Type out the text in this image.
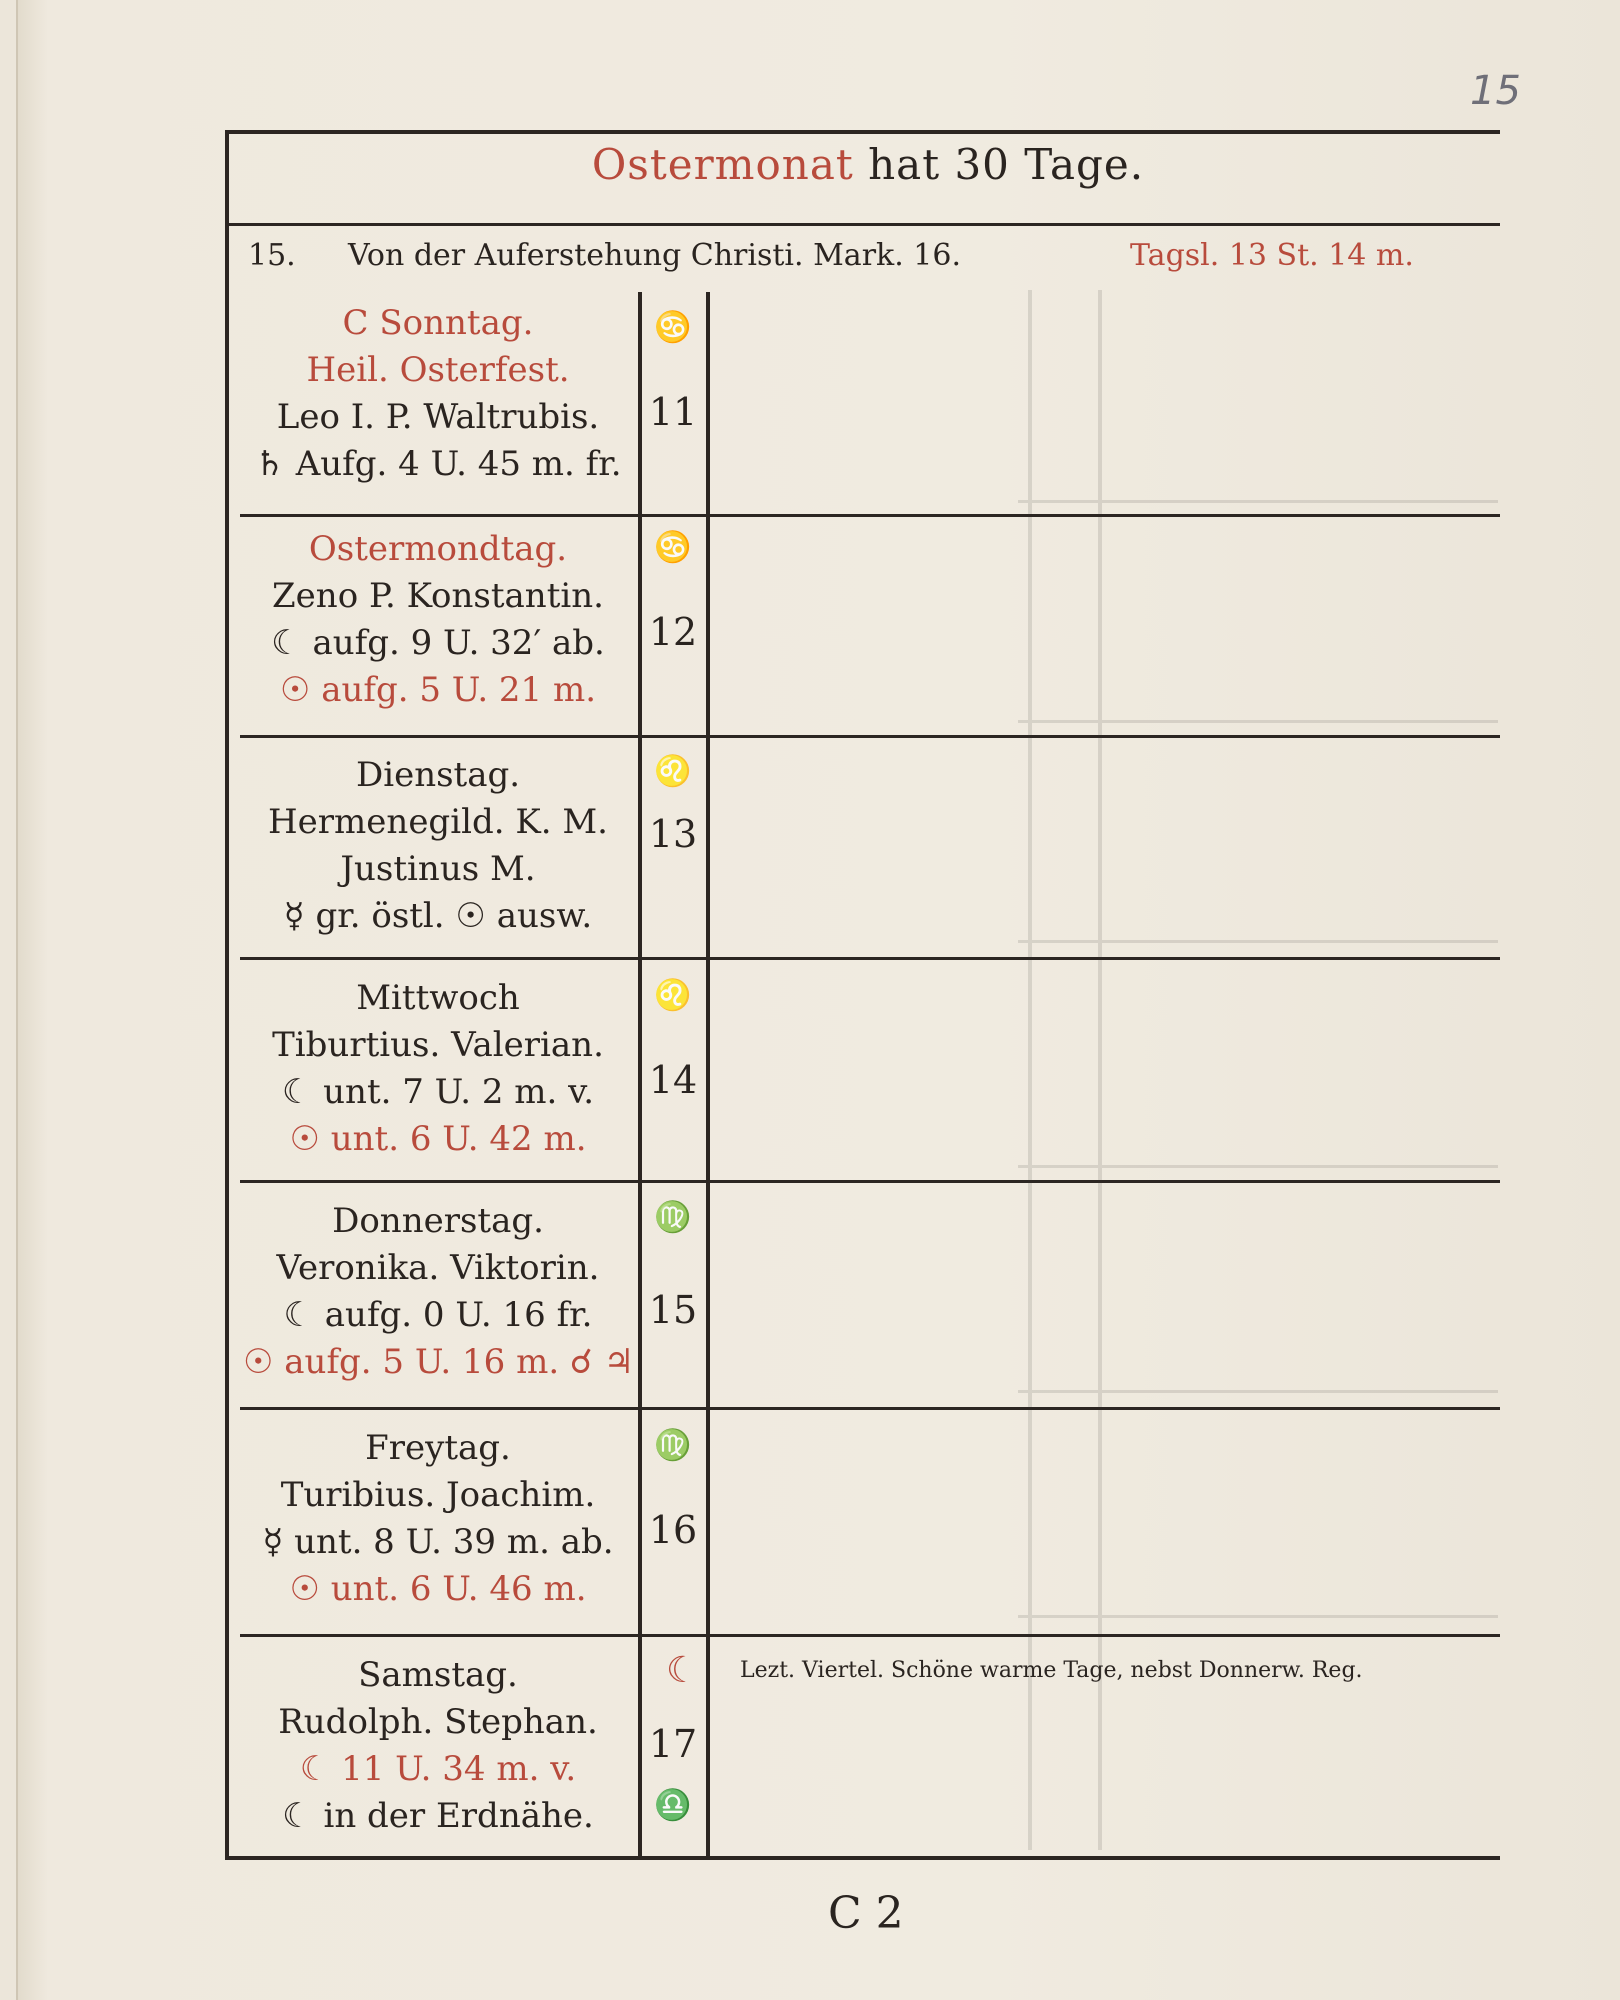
15
Ostermonat hat 30 Tage.
15. Von der Auferstehung Christi. Mark. 16.	Tagsl. 13 St. 14 m.
C Sonntag.
Heil. Osterfest.
Leo I. P. Waltrubis.
♄ Aufg. 4 U. 45 m. fr.
♋
11
Ostermondtag.
Zeno P. Konstantin.
☾ aufg. 9 U. 32′ ab.
☉ aufg. 5 U. 21 m.
♋
12
Dienstag.
Hermenegild. K. M.
Justinus M.
☿ gr. östl. ☉ ausw.
♌
13
Mittwoch
Tiburtius. Valerian.
☾ unt. 7 U. 2 m. v.
☉ unt. 6 U. 42 m.
♌
14
Donnerstag.
Veronika. Viktorin.
☾ aufg. 0 U. 16 fr.
☉ aufg. 5 U. 16 m. ☌ ♃
♍
15
Freytag.
Turibius. Joachim.
☿ unt. 8 U. 39 m. ab.
☉ unt. 6 U. 46 m.
♍
16
Samstag.
Rudolph. Stephan.
☾ 11 U. 34 m. v.
☾ in der Erdnähe.
☾
17
♎
Lezt. Viertel. Schöne warme Tage, nebst Donnerw. Reg.
C 2
